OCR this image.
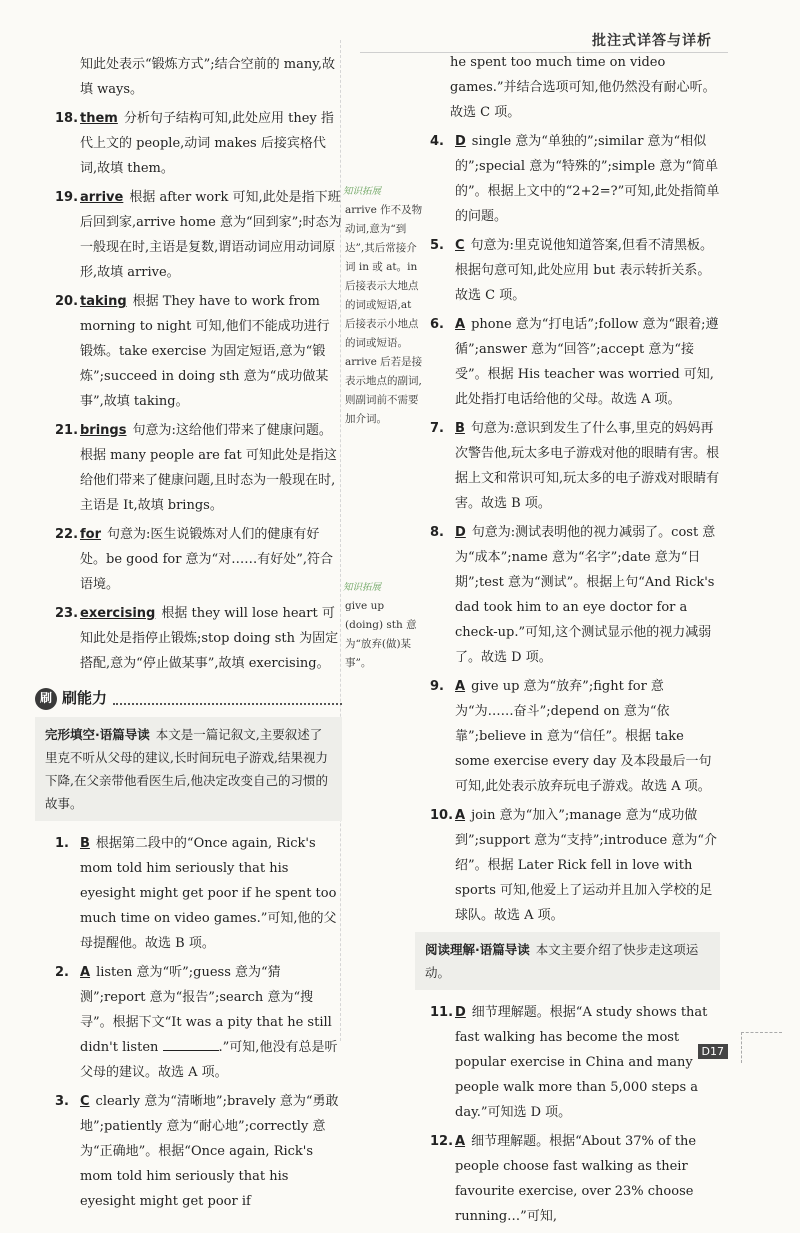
批注式详答与详析

知此处表示“锻炼方式”;结合空前的 many,故填 ways。

18. them 分析句子结构可知,此处应用 they 指代上文的 people,动词 makes 后接宾格代词,故填 them。
19. arrive 根据 after work 可知,此处是指下班后回到家,arrive home 意为“回到家”;时态为一般现在时,主语是复数,谓语动词应用动词原形,故填 arrive。
20. taking 根据 They have to work from morning to night 可知,他们不能成功进行锻炼。take exercise 为固定短语,意为“锻炼”;succeed in doing sth 意为“成功做某事”,故填 taking。
21. brings 句意为:这给他们带来了健康问题。根据 many people are fat 可知此处是指这给他们带来了健康问题,且时态为一般现在时,主语是 It,故填 brings。
22. for 句意为:医生说锻炼对人们的健康有好处。be good for 意为“对……有好处”,符合语境。
23. exercising 根据 they will lose heart 可知此处是指停止锻炼;stop doing sth 为固定搭配,意为“停止做某事”,故填 exercising。
刷 刷能力
完形填空·语篇导读 本文是一篇记叙文,主要叙述了里克不听从父母的建议,长时间玩电子游戏,结果视力下降,在父亲带他看医生后,他决定改变自己的习惯的故事。
1. B 根据第二段中的“Once again, Rick's mom told him seriously that his eyesight might get poor if he spent too much time on video games.”可知,他的父母提醒他。故选 B 项。
2. A listen 意为“听”;guess 意为“猜测”;report 意为“报告”;search 意为“搜寻”。根据下文“It was a pity that he still didn't listen	.”可知,他没有总是听父母的建议。故选 A 项。
3. C clearly 意为“清晰地”;bravely 意为“勇敢地”;patiently 意为“耐心地”;correctly 意为“正确地”。根据“Once again, Rick's mom told him seriously that his eyesight might get poor if
知识拓展
arrive 作不及物动词,意为“到达”,其后常接介词 in 或 at。in 后接表示大地点的词或短语,at 后接表示小地点的词或短语。arrive 后若是接表示地点的副词,则副词前不需要加介词。
知识拓展
give up (doing) sth 意为“放弃(做)某事”。

he spent too much time on video games.”并结合选项可知,他仍然没有耐心听。故选 C 项。

4. D single 意为“单独的”;similar 意为“相似的”;special 意为“特殊的”;simple 意为“简单的”。根据上文中的“2+2=?”可知,此处指简单的问题。
5. C 句意为:里克说他知道答案,但看不清黑板。根据句意可知,此处应用 but 表示转折关系。故选 C 项。
6. A phone 意为“打电话”;follow 意为“跟着;遵循”;answer 意为“回答”;accept 意为“接受”。根据 His teacher was worried 可知,此处指打电话给他的父母。故选 A 项。
7. B 句意为:意识到发生了什么事,里克的妈妈再次警告他,玩太多电子游戏对他的眼睛有害。根据上文和常识可知,玩太多的电子游戏对眼睛有害。故选 B 项。
8. D 句意为:测试表明他的视力减弱了。cost 意为“成本”;name 意为“名字”;date 意为“日期”;test 意为“测试”。根据上句“And Rick's dad took him to an eye doctor for a check-up.”可知,这个测试显示他的视力减弱了。故选 D 项。
9. A give up 意为“放弃”;fight for 意为“为……奋斗”;depend on 意为“依靠”;believe in 意为“信任”。根据 take some exercise every day 及本段最后一句可知,此处表示放弃玩电子游戏。故选 A 项。
10. A join 意为“加入”;manage 意为“成功做到”;support 意为“支持”;introduce 意为“介绍”。根据 Later Rick fell in love with sports 可知,他爱上了运动并且加入学校的足球队。故选 A 项。
阅读理解·语篇导读 本文主要介绍了快步走这项运动。
11. D 细节理解题。根据“A study shows that fast walking has become the most popular exercise in China and many people walk more than 5,000 steps a day.”可知选 D 项。
12. A 细节理解题。根据“About 37% of the people choose fast walking as their favourite exercise, over 23% choose running…”可知,
D17
